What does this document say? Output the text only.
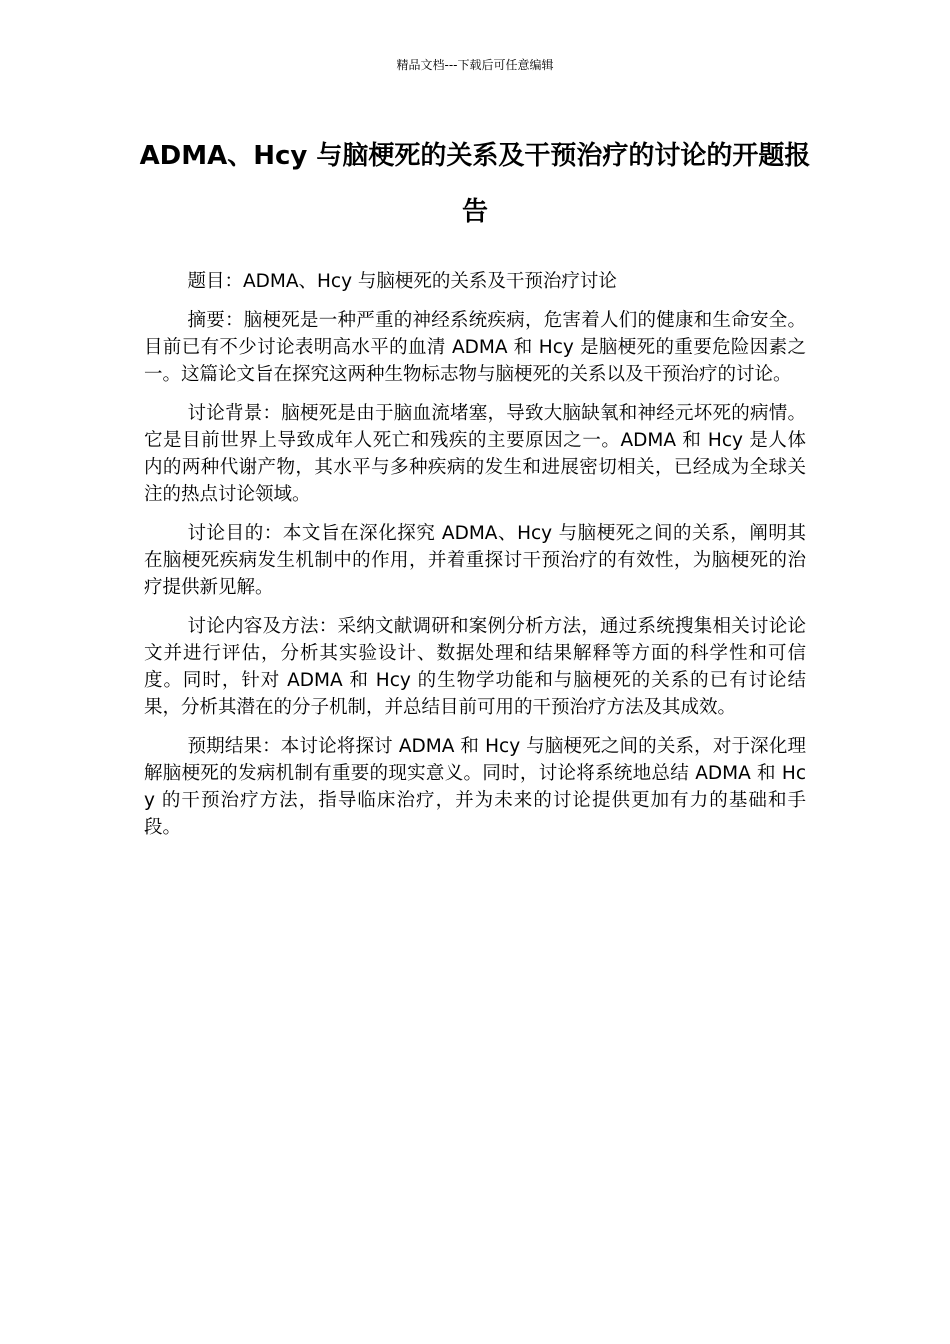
精品文档---下载后可任意编辑
ADMA、Hcy 与脑梗死的关系及干预治疗的讨论的开题报告

题目：ADMA、Hcy 与脑梗死的关系及干预治疗讨论

摘要：脑梗死是一种严重的神经系统疾病，危害着人们的健康和生命安全。目前已有不少讨论表明高水平的血清 ADMA 和 Hcy 是脑梗死的重要危险因素之一。这篇论文旨在探究这两种生物标志物与脑梗死的关系以及干预治疗的讨论。

讨论背景：脑梗死是由于脑血流堵塞，导致大脑缺氧和神经元坏死的病情。它是目前世界上导致成年人死亡和残疾的主要原因之一。ADMA 和 Hcy 是人体内的两种代谢产物，其水平与多种疾病的发生和进展密切相关，已经成为全球关注的热点讨论领域。

讨论目的：本文旨在深化探究 ADMA、Hcy 与脑梗死之间的关系，阐明其在脑梗死疾病发生机制中的作用，并着重探讨干预治疗的有效性，为脑梗死的治疗提供新见解。

讨论内容及方法：采纳文献调研和案例分析方法，通过系统搜集相关讨论论文并进行评估，分析其实验设计、数据处理和结果解释等方面的科学性和可信度。同时，针对 ADMA 和 Hcy 的生物学功能和与脑梗死的关系的已有讨论结果，分析其潜在的分子机制，并总结目前可用的干预治疗方法及其成效。

预期结果：本讨论将探讨 ADMA 和 Hcy 与脑梗死之间的关系，对于深化理解脑梗死的发病机制有重要的现实意义。同时，讨论将系统地总结 ADMA 和 Hcy 的干预治疗方法，指导临床治疗，并为未来的讨论提供更加有力的基础和手段。
